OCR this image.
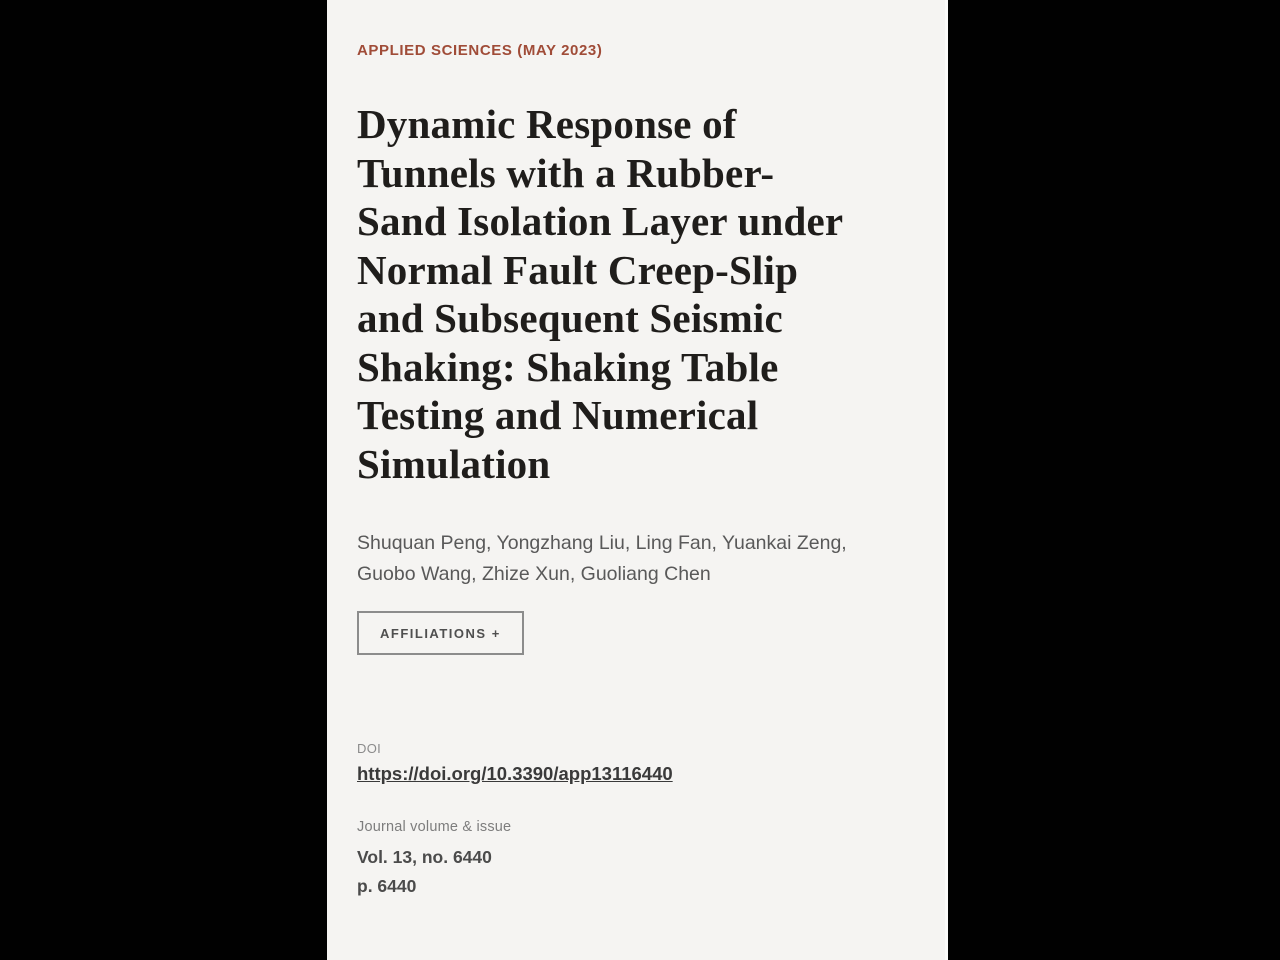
APPLIED SCIENCES (MAY 2023)
Dynamic Response of
Tunnels with a Rubber-
Sand Isolation Layer under
Normal Fault Creep-Slip
and Subsequent Seismic
Shaking: Shaking Table
Testing and Numerical
Simulation
Shuquan Peng, Yongzhang Liu, Ling Fan, Yuankai Zeng,
Guobo Wang, Zhize Xun, Guoliang Chen
AFFILIATIONS +
DOI
https://doi.org/10.3390/app13116440
Journal volume & issue
Vol. 13, no. 6440
p. 6440
